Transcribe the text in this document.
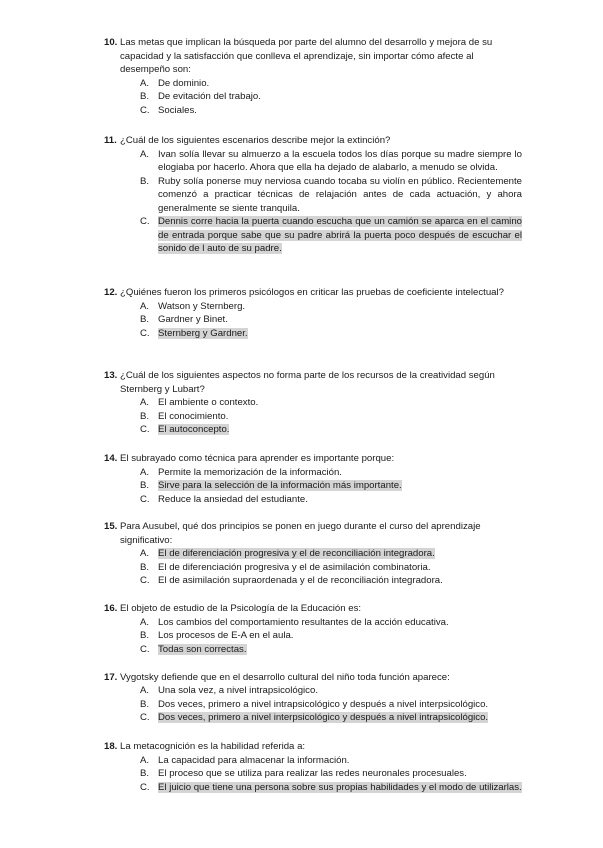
10. Las metas que implican la búsqueda por parte del alumno del desarrollo y mejora de su capacidad y la satisfacción que conlleva el aprendizaje, sin importar cómo afecte al desempeño son:
A. De dominio.
B. De evitación del trabajo.
C. Sociales.
11. ¿Cuál de los siguientes escenarios describe mejor la extinción?
A. Ivan solía llevar su almuerzo a la escuela todos los días porque su madre siempre lo elogiaba por hacerlo. Ahora que ella ha dejado de alabarlo, a menudo se olvida.
B. Ruby solía ponerse muy nerviosa cuando tocaba su violín en público. Recientemente comenzó a practicar técnicas de relajación antes de cada actuación, y ahora generalmente se siente tranquila.
C. Dennis corre hacia la puerta cuando escucha que un camión se aparca en el camino de entrada porque sabe que su padre abrirá la puerta poco después de escuchar el sonido de l auto de su padre.
12. ¿Quiénes fueron los primeros psicólogos en criticar las pruebas de coeficiente intelectual?
A. Watson y Sternberg.
B. Gardner y Binet.
C. Sternberg y Gardner.
13. ¿Cuál de los siguientes aspectos no forma parte de los recursos de la creatividad según Sternberg y Lubart?
A. El ambiente o contexto.
B. El conocimiento.
C. El autoconcepto.
14. El subrayado como técnica para aprender es importante porque:
A. Permite la memorización de la información.
B. Sirve para la selección de la información más importante.
C. Reduce la ansiedad del estudiante.
15. Para Ausubel, qué dos principios se ponen en juego durante el curso del aprendizaje significativo:
A. El de diferenciación progresiva y el de reconciliación integradora.
B. El de diferenciación progresiva y el de asimilación combinatoria.
C. El de asimilación supraordenada y el de reconciliación integradora.
16. El objeto de estudio de la Psicología de la Educación es:
A. Los cambios del comportamiento resultantes de la acción educativa.
B. Los procesos de E-A en el aula.
C. Todas son correctas.
17. Vygotsky defiende que en el desarrollo cultural del niño toda función aparece:
A. Una sola vez, a nivel intrapsicológico.
B. Dos veces, primero a nivel intrapsicológico y después a nivel interpsicológico.
C. Dos veces, primero a nivel interpsicológico y después a nivel intrapsicológico.
18. La metacognición es la habilidad referida a:
A. La capacidad para almacenar la información.
B. El proceso que se utiliza para realizar las redes neuronales procesuales.
C. El juicio que tiene una persona sobre sus propias habilidades y el modo de utilizarlas.
